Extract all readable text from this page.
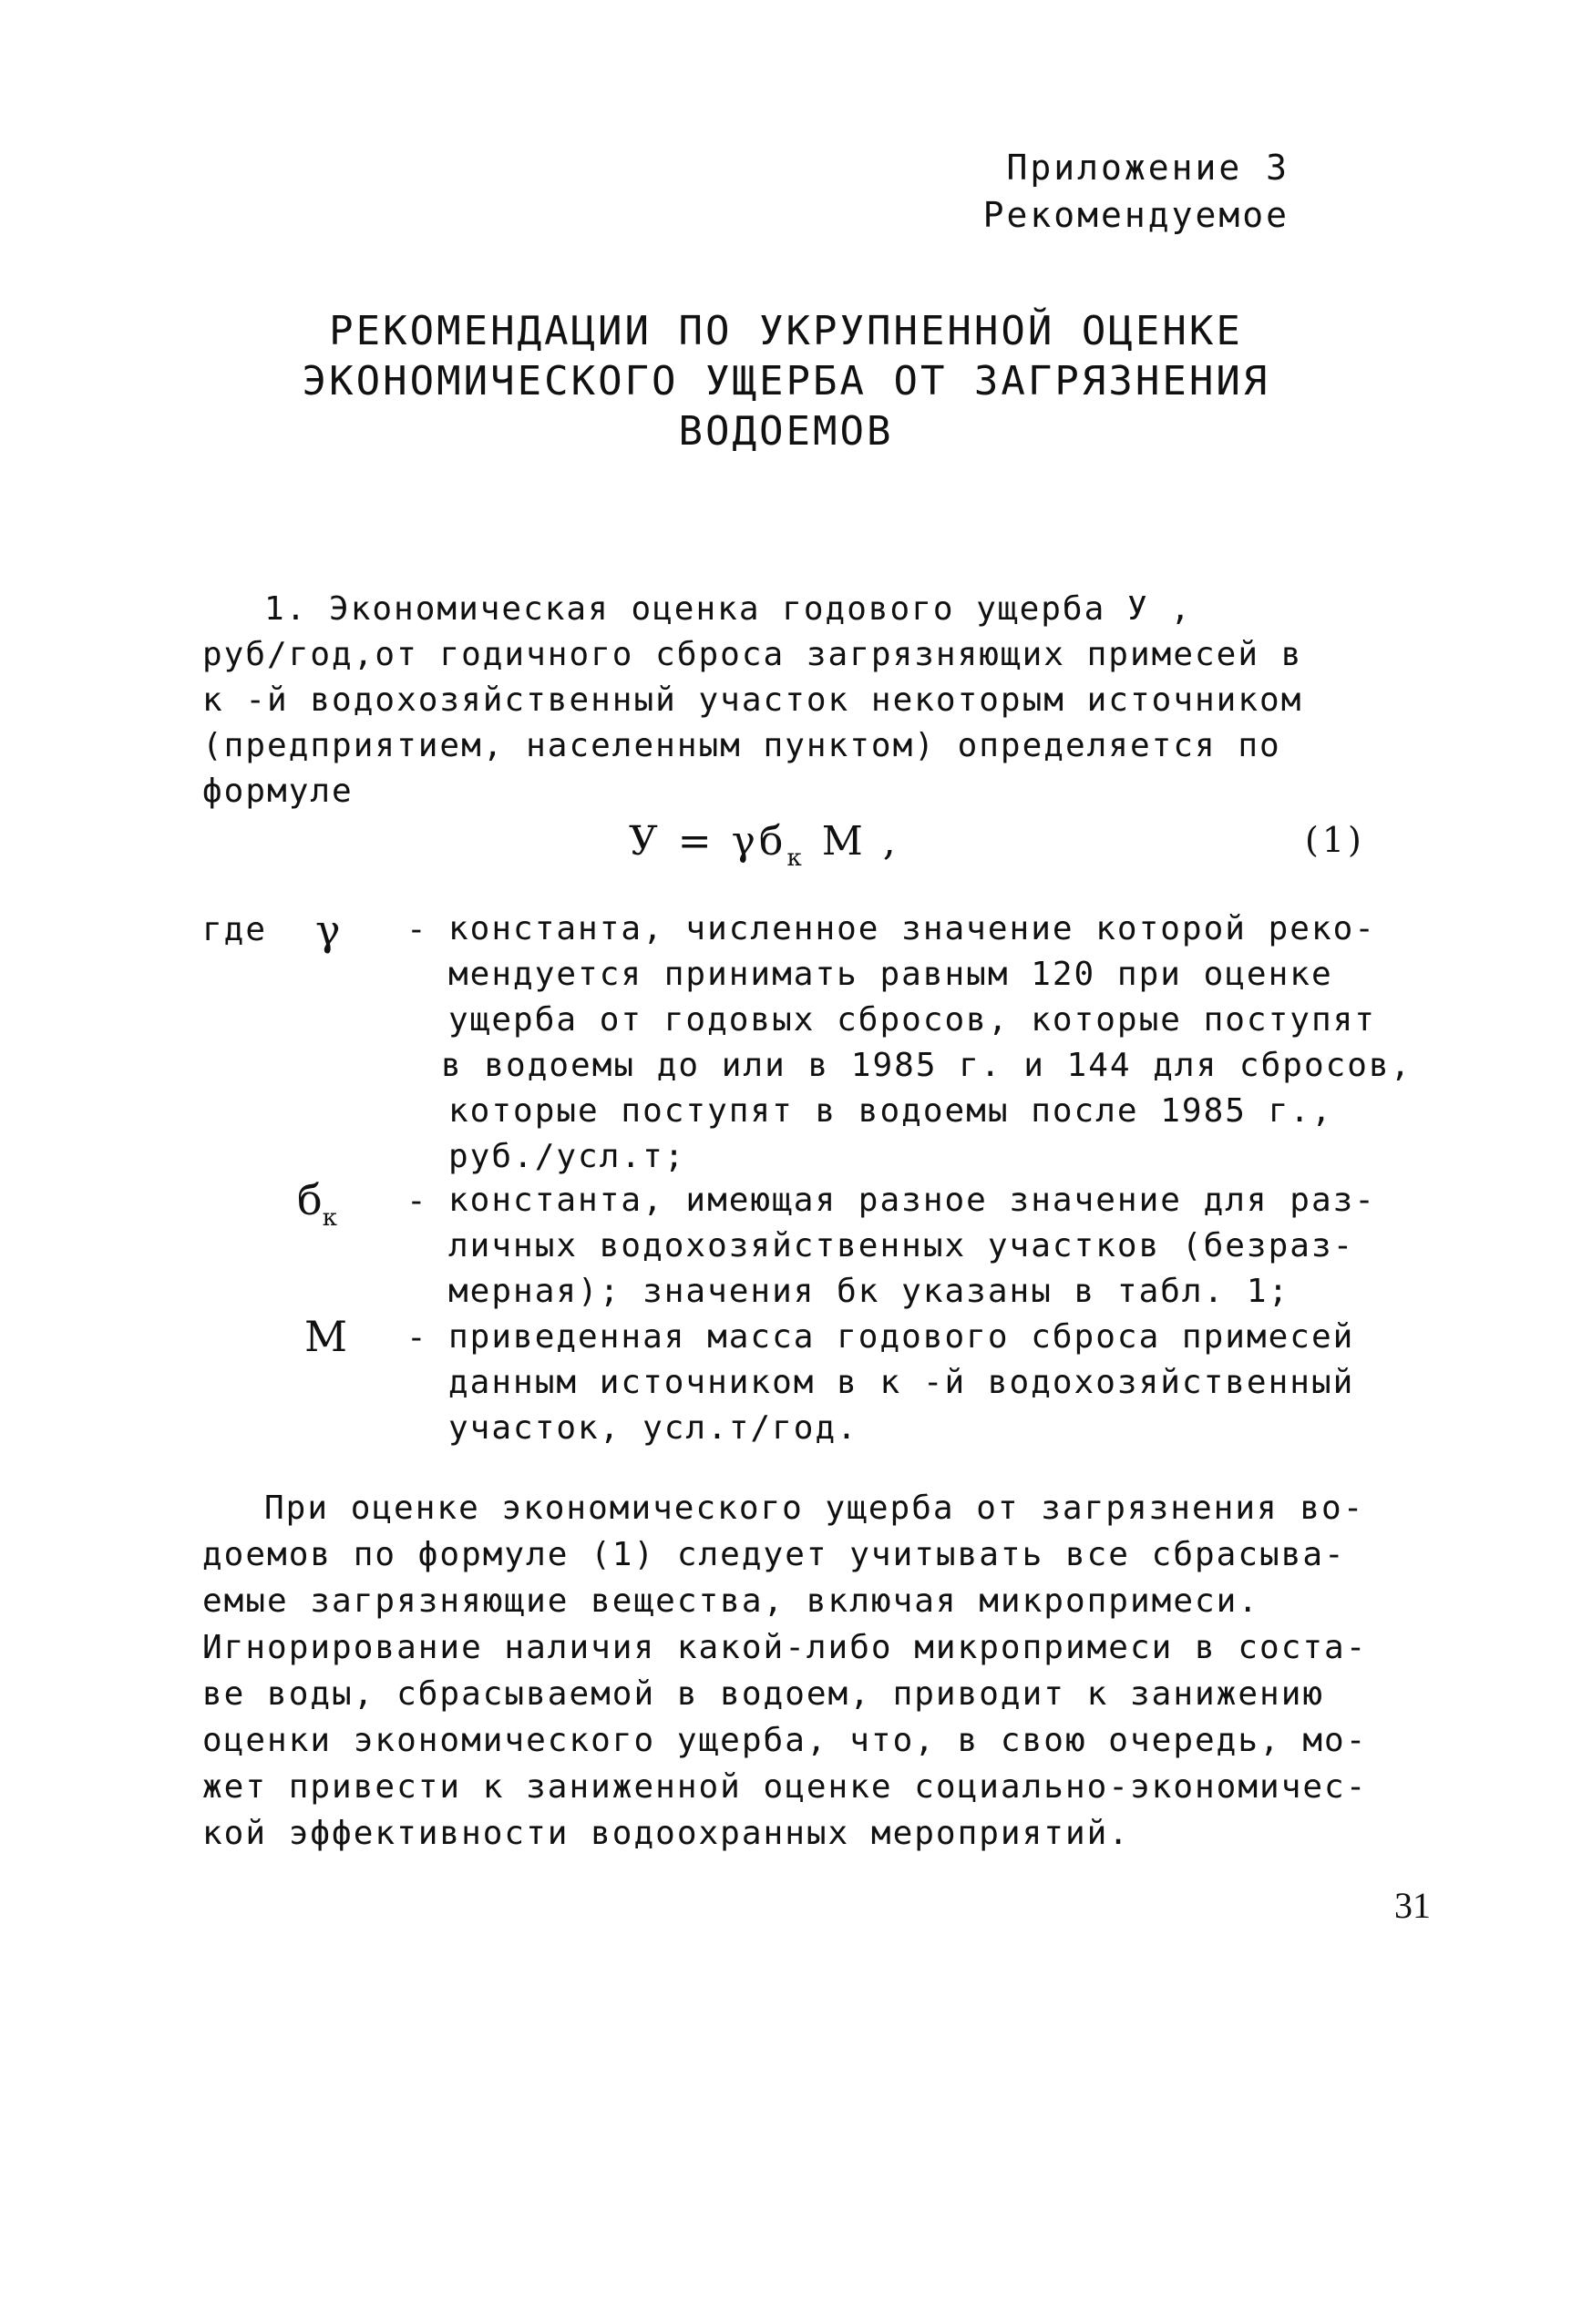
Приложение 3
Рекомендуемое
РЕКОМЕНДАЦИИ ПО УКРУПНЕННОЙ ОЦЕНКЕ
ЭКОНОМИЧЕСКОГО УЩЕРБА ОТ ЗАГРЯЗНЕНИЯ
ВОДОЕМОВ
1. Экономическая оценка годового ущерба У ,
руб/год,от годичного сброса загрязняющих примесей в
к -й водохозяйственный участок некоторым источником
(предприятием, населенным пунктом) определяется по
формуле
$У = \gamma б_к$ М ,	(1)
где γ - константа, численное значение которой реко-
мендуется принимать равным 120 при оценке
ущерба от годовых сбросов, которые поступят
в водоемы до или в 1985 г. и 144 для сбросов,
которые поступят в водоемы после 1985 г.,
руб./усл.т;
$б_к$ - константа, имеющая разное значение для раз-
личных водохозяйственных участков (безраз-
мерная); значения бк указаны в табл. 1;
М - приведенная масса годового сброса примесей
данным источником в к -й водохозяйственный
участок, усл.т/год.
При оценке экономического ущерба от загрязнения во-
доемов по формуле (1) следует учитывать все сбрасыва-
емые загрязняющие вещества, включая микропримеси.
Игнорирование наличия какой-либо микропримеси в соста-
ве воды, сбрасываемой в водоем, приводит к занижению
оценки экономического ущерба, что, в свою очередь, мо-
жет привести к заниженной оценке социально-экономичес-
кой эффективности водоохранных мероприятий.
31
